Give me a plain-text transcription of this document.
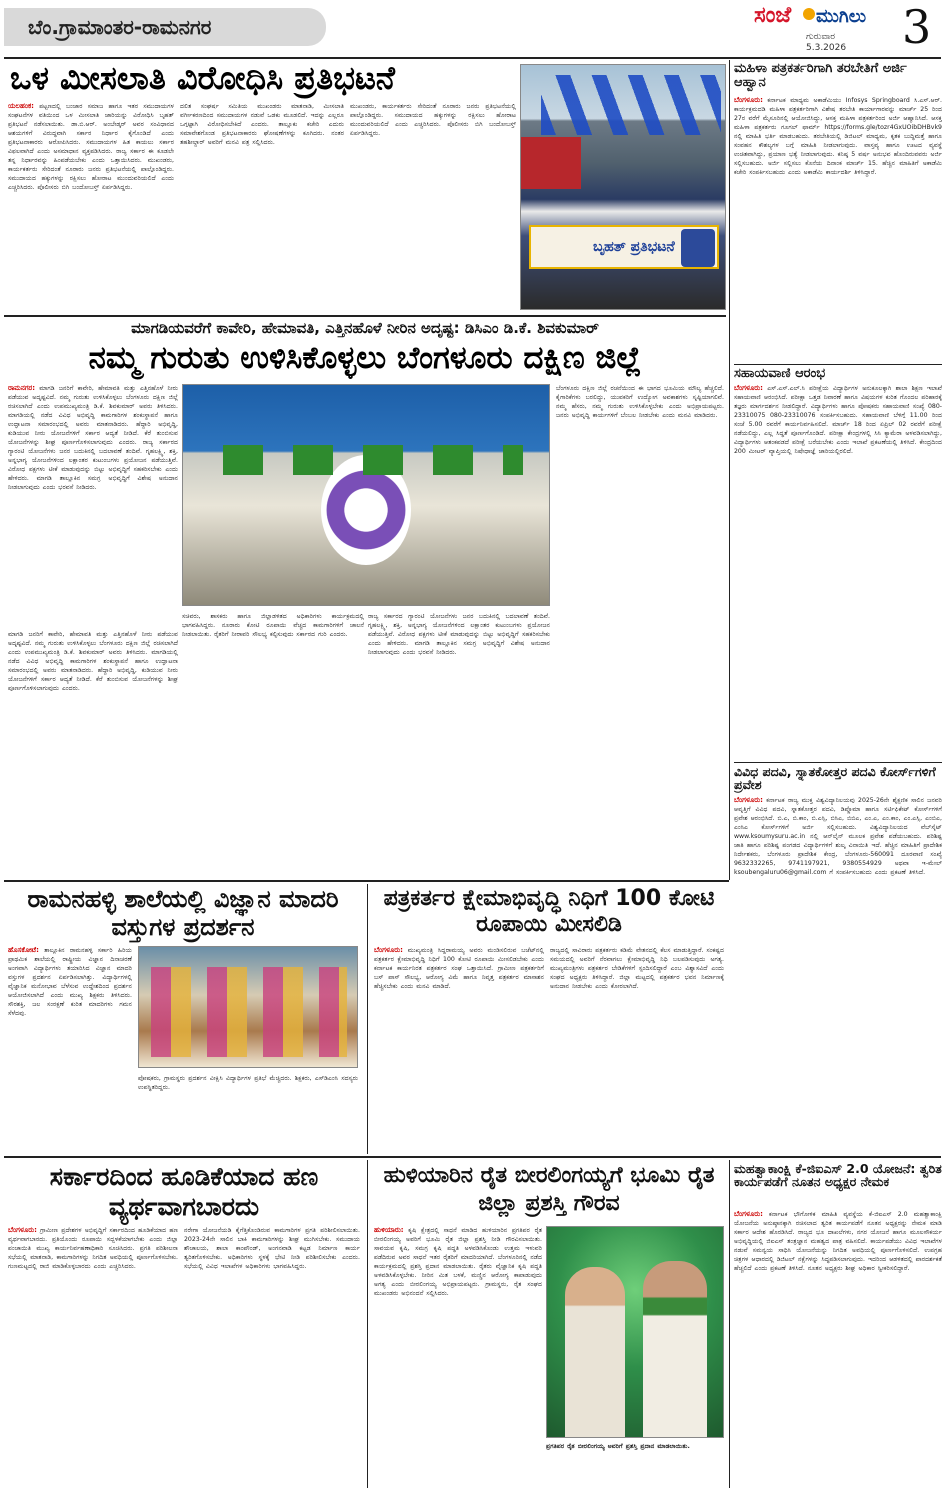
ಬೆಂ.ಗ್ರಾಮಾಂತರ-ರಾಮನಗರ	ಸಂಜೆ ಮುಗಿಲು
ಗುರುವಾರ
5.3.2026 3
ಒಳ ಮೀಸಲಾತಿ ವಿರೋಧಿಸಿ ಪ್ರತಿಭಟನೆ
ಯಲಹಂಕ: ಪಟ್ಟಣದಲ್ಲಿ ಬಂಜಾರ ಸಮಾಜ ಹಾಗೂ ಇತರ ಸಮುದಾಯಗಳ ಸಂಘಟನೆಗಳ ವತಿಯಿಂದ ಒಳ ಮೀಸಲಾತಿ ಜಾರಿಯನ್ನು ವಿರೋಧಿಸಿ ಬೃಹತ್ ಪ್ರತಿಭಟನೆ ನಡೆಸಲಾಯಿತು. ಡಾ.ಬಿ.ಆರ್. ಅಂಬೇಡ್ಕರ್ ಅವರ ಸಂವಿಧಾನದ ಆಶಯಗಳಿಗೆ ವಿರುದ್ಧವಾಗಿ ಸರ್ಕಾರ ನಿರ್ಧಾರ ಕೈಗೊಂಡಿದೆ ಎಂದು ಪ್ರತಿಭಟನಾಕಾರರು ಆರೋಪಿಸಿದರು. ಸಮುದಾಯಗಳ ಹಿತ ಕಾಯಲು ಸರ್ಕಾರ ವಿಫಲವಾಗಿದೆ ಎಂದು ಅಸಮಾಧಾನ ವ್ಯಕ್ತಪಡಿಸಿದರು. ರಾಜ್ಯ ಸರ್ಕಾರ ಈ ಕೂಡಲೇ ತನ್ನ ನಿರ್ಧಾರವನ್ನು ಹಿಂಪಡೆಯಬೇಕು ಎಂದು ಒತ್ತಾಯಿಸಿದರು. ಮುಖಂಡರು, ಕಾರ್ಯಕರ್ತರು ಸೇರಿದಂತೆ ನೂರಾರು ಜನರು ಪ್ರತಿಭಟನೆಯಲ್ಲಿ ಪಾಲ್ಗೊಂಡಿದ್ದರು. ಸಮುದಾಯದ ಹಕ್ಕುಗಳನ್ನು ರಕ್ಷಿಸಲು ಹೋರಾಟ ಮುಂದುವರಿಯಲಿದೆ ಎಂದು ಎಚ್ಚರಿಸಿದರು. ಪೊಲೀಸರು ಬಿಗಿ ಬಂದೋಬಸ್ತ್ ಏರ್ಪಡಿಸಿದ್ದರು.
ದಲಿತ ಸಂಘರ್ಷ ಸಮಿತಿಯ ಮುಖಂಡರು ಮಾತನಾಡಿ, ಮೀಸಲಾತಿ ವರ್ಗೀಕರಣದಿಂದ ಸಮುದಾಯಗಳ ನಡುವೆ ಒಡಕು ಮೂಡಲಿದೆ. ಇದನ್ನು ಎಲ್ಲರೂ ಒಗ್ಗಟ್ಟಾಗಿ ವಿರೋಧಿಸಬೇಕಿದೆ ಎಂದರು. ತಾಲ್ಲೂಕು ಕಚೇರಿ ಎದುರು ಸಮಾವೇಶಗೊಂಡ ಪ್ರತಿಭಟನಾಕಾರರು ಘೋಷಣೆಗಳನ್ನು ಕೂಗಿದರು. ನಂತರ ತಹಶೀಲ್ದಾರ್ ಅವರಿಗೆ ಮನವಿ ಪತ್ರ ಸಲ್ಲಿಸಿದರು.
ಮುಖಂಡರು, ಕಾರ್ಯಕರ್ತರು ಸೇರಿದಂತೆ ನೂರಾರು ಜನರು ಪ್ರತಿಭಟನೆಯಲ್ಲಿ ಪಾಲ್ಗೊಂಡಿದ್ದರು. ಸಮುದಾಯದ ಹಕ್ಕುಗಳನ್ನು ರಕ್ಷಿಸಲು ಹೋರಾಟ ಮುಂದುವರಿಯಲಿದೆ ಎಂದು ಎಚ್ಚರಿಸಿದರು. ಪೊಲೀಸರು ಬಿಗಿ ಬಂದೋಬಸ್ತ್ ಏರ್ಪಡಿಸಿದ್ದರು.
ಬೃಹತ್ ಪ್ರತಿಭಟನೆ
ಮಾಗಡಿಯವರೆಗೆ ಕಾವೇರಿ, ಹೇಮಾವತಿ, ಎತ್ತಿನಹೊಳೆ ನೀರಿನ ಅದೃಷ್ಟ: ಡಿಸಿಎಂ ಡಿ.ಕೆ. ಶಿವಕುಮಾರ್
ನಮ್ಮ ಗುರುತು ಉಳಿಸಿಕೊಳ್ಳಲು ಬೆಂಗಳೂರು ದಕ್ಷಿಣ ಜಿಲ್ಲೆ
ರಾಮನಗರ: ಮಾಗಡಿ ಜನರಿಗೆ ಕಾವೇರಿ, ಹೇಮಾವತಿ ಮತ್ತು ಎತ್ತಿನಹೊಳೆ ನೀರು ಪಡೆಯುವ ಅದೃಷ್ಟವಿದೆ. ನಮ್ಮ ಗುರುತು ಉಳಿಸಿಕೊಳ್ಳಲು ಬೆಂಗಳೂರು ದಕ್ಷಿಣ ಜಿಲ್ಲೆ ರಚಿಸಲಾಗಿದೆ ಎಂದು ಉಪಮುಖ್ಯಮಂತ್ರಿ ಡಿ.ಕೆ. ಶಿವಕುಮಾರ್ ಅವರು ತಿಳಿಸಿದರು. ಮಾಗಡಿಯಲ್ಲಿ ನಡೆದ ವಿವಿಧ ಅಭಿವೃದ್ಧಿ ಕಾಮಗಾರಿಗಳ ಶಂಕುಸ್ಥಾಪನೆ ಹಾಗೂ ಉದ್ಘಾಟನಾ ಸಮಾರಂಭದಲ್ಲಿ ಅವರು ಮಾತನಾಡಿದರು. ಹೆದ್ದಾರಿ ಅಭಿವೃದ್ಧಿ, ಕುಡಿಯುವ ನೀರು ಯೋಜನೆಗಳಿಗೆ ಸರ್ಕಾರ ಆದ್ಯತೆ ನೀಡಿದೆ. ಕೆರೆ ತುಂಬಿಸುವ ಯೋಜನೆಗಳನ್ನು ಶೀಘ್ರ ಪೂರ್ಣಗೊಳಿಸಲಾಗುವುದು ಎಂದರು. ರಾಜ್ಯ ಸರ್ಕಾರದ ಗ್ಯಾರಂಟಿ ಯೋಜನೆಗಳು ಜನರ ಬದುಕಿನಲ್ಲಿ ಬದಲಾವಣೆ ತಂದಿವೆ. ಗೃಹಲಕ್ಷ್ಮಿ, ಶಕ್ತಿ, ಅನ್ನಭಾಗ್ಯ ಯೋಜನೆಗಳಿಂದ ಲಕ್ಷಾಂತರ ಕುಟುಂಬಗಳು ಪ್ರಯೋಜನ ಪಡೆಯುತ್ತಿವೆ. ವಿರೋಧ ಪಕ್ಷಗಳು ಟೀಕೆ ಮಾಡುವುದನ್ನು ಬಿಟ್ಟು ಅಭಿವೃದ್ಧಿಗೆ ಸಹಕರಿಸಬೇಕು ಎಂದು ಹೇಳಿದರು. ಮಾಗಡಿ ತಾಲ್ಲೂಕಿನ ಸಮಗ್ರ ಅಭಿವೃದ್ಧಿಗೆ ವಿಶೇಷ ಅನುದಾನ ನೀಡಲಾಗುವುದು ಎಂದು ಭರವಸೆ ನೀಡಿದರು.
ಸಚಿವರು, ಶಾಸಕರು ಹಾಗೂ ಜಿಲ್ಲಾಡಳಿತದ ಅಧಿಕಾರಿಗಳು ಕಾರ್ಯಕ್ರಮದಲ್ಲಿ ಭಾಗವಹಿಸಿದ್ದರು. ನೂರಾರು ಕೋಟಿ ರೂಪಾಯಿ ವೆಚ್ಚದ ಕಾಮಗಾರಿಗಳಿಗೆ ಚಾಲನೆ ನೀಡಲಾಯಿತು. ರೈತರಿಗೆ ನೀರಾವರಿ ಸೌಲಭ್ಯ ಕಲ್ಪಿಸುವುದು ಸರ್ಕಾರದ ಗುರಿ ಎಂದರು.
ರಾಜ್ಯ ಸರ್ಕಾರದ ಗ್ಯಾರಂಟಿ ಯೋಜನೆಗಳು ಜನರ ಬದುಕಿನಲ್ಲಿ ಬದಲಾವಣೆ ತಂದಿವೆ. ಗೃಹಲಕ್ಷ್ಮಿ, ಶಕ್ತಿ, ಅನ್ನಭಾಗ್ಯ ಯೋಜನೆಗಳಿಂದ ಲಕ್ಷಾಂತರ ಕುಟುಂಬಗಳು ಪ್ರಯೋಜನ ಪಡೆಯುತ್ತಿವೆ. ವಿರೋಧ ಪಕ್ಷಗಳು ಟೀಕೆ ಮಾಡುವುದನ್ನು ಬಿಟ್ಟು ಅಭಿವೃದ್ಧಿಗೆ ಸಹಕರಿಸಬೇಕು ಎಂದು ಹೇಳಿದರು. ಮಾಗಡಿ ತಾಲ್ಲೂಕಿನ ಸಮಗ್ರ ಅಭಿವೃದ್ಧಿಗೆ ವಿಶೇಷ ಅನುದಾನ ನೀಡಲಾಗುವುದು ಎಂದು ಭರವಸೆ ನೀಡಿದರು.
ಬೆಂಗಳೂರು ದಕ್ಷಿಣ ಜಿಲ್ಲೆ ರಚನೆಯಿಂದ ಈ ಭಾಗದ ಭೂಮಿಯ ಮೌಲ್ಯ ಹೆಚ್ಚಲಿದೆ. ಕೈಗಾರಿಕೆಗಳು ಬರಲಿದ್ದು, ಯುವಕರಿಗೆ ಉದ್ಯೋಗ ಅವಕಾಶಗಳು ಸೃಷ್ಟಿಯಾಗಲಿವೆ. ನಮ್ಮ ಹೆಸರು, ನಮ್ಮ ಗುರುತು ಉಳಿಸಿಕೊಳ್ಳಬೇಕು ಎಂದು ಅಭಿಪ್ರಾಯಪಟ್ಟರು. ಜನರು ಅಭಿವೃದ್ಧಿ ಕಾರ್ಯಗಳಿಗೆ ಬೆಂಬಲ ನೀಡಬೇಕು ಎಂದು ಮನವಿ ಮಾಡಿದರು.
ಮಾಗಡಿ ಜನರಿಗೆ ಕಾವೇರಿ, ಹೇಮಾವತಿ ಮತ್ತು ಎತ್ತಿನಹೊಳೆ ನೀರು ಪಡೆಯುವ ಅದೃಷ್ಟವಿದೆ. ನಮ್ಮ ಗುರುತು ಉಳಿಸಿಕೊಳ್ಳಲು ಬೆಂಗಳೂರು ದಕ್ಷಿಣ ಜಿಲ್ಲೆ ರಚಿಸಲಾಗಿದೆ ಎಂದು ಉಪಮುಖ್ಯಮಂತ್ರಿ ಡಿ.ಕೆ. ಶಿವಕುಮಾರ್ ಅವರು ತಿಳಿಸಿದರು. ಮಾಗಡಿಯಲ್ಲಿ ನಡೆದ ವಿವಿಧ ಅಭಿವೃದ್ಧಿ ಕಾಮಗಾರಿಗಳ ಶಂಕುಸ್ಥಾಪನೆ ಹಾಗೂ ಉದ್ಘಾಟನಾ ಸಮಾರಂಭದಲ್ಲಿ ಅವರು ಮಾತನಾಡಿದರು. ಹೆದ್ದಾರಿ ಅಭಿವೃದ್ಧಿ, ಕುಡಿಯುವ ನೀರು ಯೋಜನೆಗಳಿಗೆ ಸರ್ಕಾರ ಆದ್ಯತೆ ನೀಡಿದೆ. ಕೆರೆ ತುಂಬಿಸುವ ಯೋಜನೆಗಳನ್ನು ಶೀಘ್ರ ಪೂರ್ಣಗೊಳಿಸಲಾಗುವುದು ಎಂದರು.
ಮಹಿಳಾ ಪತ್ರಕರ್ತರಿಗಾಗಿ ತರಬೇತಿಗೆ ಅರ್ಜಿ ಆಹ್ವಾನ
ಬೆಂಗಳೂರು: ಕರ್ನಾಟಕ ಮಾಧ್ಯಮ ಅಕಾಡೆಮಿಯು Infosys Springboard ಸಿ.ಎಸ್.ಆರ್. ಕಾರ್ಯಕ್ರಮದಡಿ ಮಹಿಳಾ ಪತ್ರಕರ್ತರಿಗಾಗಿ ವಿಶೇಷ ತರಬೇತಿ ಕಾರ್ಯಾಗಾರವನ್ನು ಮಾರ್ಚ್ 25 ರಿಂದ 27ರ ವರೆಗೆ ಮೈಸೂರಿನಲ್ಲಿ ಆಯೋಜಿಸಿದ್ದು, ಆಸಕ್ತ ಮಹಿಳಾ ಪತ್ರಕರ್ತರಿಂದ ಅರ್ಜಿ ಆಹ್ವಾನಿಸಿದೆ. ಆಸಕ್ತ ಮಹಿಳಾ ಪತ್ರಕರ್ತರು ಗೂಗಲ್ ಫಾರ್ಮ್ https://forms.gle/tozr4GxUOibDHBvk9 ನಲ್ಲಿ ಮಾಹಿತಿ ಭರ್ತಿ ಮಾಡಬಹುದು. ತರಬೇತಿಯಲ್ಲಿ ಡಿಜಿಟಲ್ ಮಾಧ್ಯಮ, ಕೃತಕ ಬುದ್ಧಿಮತ್ತೆ ಹಾಗೂ ಸಂವಹನ ಕೌಶಲ್ಯಗಳ ಬಗ್ಗೆ ಮಾಹಿತಿ ನೀಡಲಾಗುವುದು. ವಾಸ್ತವ್ಯ ಹಾಗೂ ಊಟದ ವ್ಯವಸ್ಥೆ ಉಚಿತವಾಗಿದ್ದು, ಪ್ರಯಾಣ ಭತ್ಯೆ ನೀಡಲಾಗುವುದು. ಕನಿಷ್ಠ 5 ವರ್ಷ ಅನುಭವ ಹೊಂದಿರುವವರು ಅರ್ಜಿ ಸಲ್ಲಿಸಬಹುದು. ಅರ್ಜಿ ಸಲ್ಲಿಸಲು ಕೊನೆಯ ದಿನಾಂಕ ಮಾರ್ಚ್ 15. ಹೆಚ್ಚಿನ ಮಾಹಿತಿಗೆ ಅಕಾಡೆಮಿ ಕಚೇರಿ ಸಂಪರ್ಕಿಸಬಹುದು ಎಂದು ಅಕಾಡೆಮಿ ಕಾರ್ಯದರ್ಶಿ ತಿಳಿಸಿದ್ದಾರೆ.
ಸಹಾಯವಾಣಿ ಆರಂಭ
ಬೆಂಗಳೂರು: ಎಸ್.ಎಸ್.ಎಲ್.ಸಿ ಪರೀಕ್ಷೆಯ ವಿದ್ಯಾರ್ಥಿಗಳ ಅನುಕೂಲಕ್ಕಾಗಿ ಶಾಲಾ ಶಿಕ್ಷಣ ಇಲಾಖೆ ಸಹಾಯವಾಣಿ ಆರಂಭಿಸಿದೆ. ಪರೀಕ್ಷಾ ಒತ್ತಡ ನಿವಾರಣೆ ಹಾಗೂ ವಿಷಯಗಳ ಕುರಿತ ಗೊಂದಲ ಪರಿಹಾರಕ್ಕೆ ತಜ್ಞರು ಮಾರ್ಗದರ್ಶನ ನೀಡಲಿದ್ದಾರೆ. ವಿದ್ಯಾರ್ಥಿಗಳು ಹಾಗೂ ಪೋಷಕರು ಸಹಾಯವಾಣಿ ಸಂಖ್ಯೆ 080-23310075 080-23310076 ಸಂಪರ್ಕಿಸಬಹುದು. ಸಹಾಯವಾಣಿ ಬೆಳಿಗ್ಗೆ 11.00 ರಿಂದ ಸಂಜೆ 5.00 ರವರೆಗೆ ಕಾರ್ಯನಿರ್ವಹಿಸಲಿದೆ. ಮಾರ್ಚ್ 18 ರಿಂದ ಏಪ್ರಿಲ್ 02 ರವರೆಗೆ ಪರೀಕ್ಷೆ ನಡೆಯಲಿದ್ದು, ಎಲ್ಲ ಸಿದ್ಧತೆ ಪೂರ್ಣಗೊಂಡಿದೆ. ಪರೀಕ್ಷಾ ಕೇಂದ್ರಗಳಲ್ಲಿ ಸಿಸಿ ಕ್ಯಾಮೆರಾ ಅಳವಡಿಸಲಾಗಿದ್ದು, ವಿದ್ಯಾರ್ಥಿಗಳು ಆತಂಕಪಡದೆ ಪರೀಕ್ಷೆ ಬರೆಯಬೇಕು ಎಂದು ಇಲಾಖೆ ಪ್ರಕಟಣೆಯಲ್ಲಿ ತಿಳಿಸಿದೆ. ಕೇಂದ್ರದಿಂದ 200 ಮೀಟರ್ ವ್ಯಾಪ್ತಿಯಲ್ಲಿ ನಿಷೇಧಾಜ್ಞೆ ಜಾರಿಯಲ್ಲಿರಲಿದೆ.
ವಿವಿಧ ಪದವಿ, ಸ್ನಾತಕೋತ್ತರ ಪದವಿ ಕೋರ್ಸ್‌ಗಳಿಗೆ ಪ್ರವೇಶ
ಬೆಂಗಳೂರು: ಕರ್ನಾಟಕ ರಾಜ್ಯ ಮುಕ್ತ ವಿಶ್ವವಿದ್ಯಾನಿಲಯವು 2025-26ನೇ ಶೈಕ್ಷಣಿಕ ಸಾಲಿನ ಜನವರಿ ಆವೃತ್ತಿಗೆ ವಿವಿಧ ಪದವಿ, ಸ್ನಾತಕೋತ್ತರ ಪದವಿ, ಡಿಪ್ಲೊಮಾ ಹಾಗೂ ಸರ್ಟಿಫಿಕೇಟ್ ಕೋರ್ಸ್‌ಗಳಿಗೆ ಪ್ರವೇಶ ಆರಂಭಿಸಿದೆ. ಬಿ.ಎ, ಬಿ.ಕಾಂ, ಬಿ.ಎಸ್ಸಿ, ಬಿಸಿಎ, ಬಿಬಿಎ, ಎಂ.ಎ, ಎಂ.ಕಾಂ, ಎಂ.ಎಸ್ಸಿ, ಎಂಬಿಎ, ಎಂಸಿಎ ಕೋರ್ಸ್‌ಗಳಿಗೆ ಅರ್ಜಿ ಸಲ್ಲಿಸಬಹುದು. ವಿಶ್ವವಿದ್ಯಾನಿಲಯದ ವೆಬ್‌ಸೈಟ್ www.ksoumysuru.ac.in ನಲ್ಲಿ ಆನ್‌ಲೈನ್ ಮೂಲಕ ಪ್ರವೇಶ ಪಡೆಯಬಹುದು. ಪರಿಶಿಷ್ಟ ಜಾತಿ ಹಾಗೂ ಪರಿಶಿಷ್ಟ ಪಂಗಡದ ವಿದ್ಯಾರ್ಥಿಗಳಿಗೆ ಶುಲ್ಕ ವಿನಾಯಿತಿ ಇದೆ. ಹೆಚ್ಚಿನ ಮಾಹಿತಿಗೆ ಪ್ರಾದೇಶಿಕ ನಿರ್ದೇಶಕರು, ಬೆಂಗಳೂರು ಪ್ರಾದೇಶಿಕ ಕೇಂದ್ರ, ಬೆಂಗಳೂರು-560091 ದೂರವಾಣಿ ಸಂಖ್ಯೆ 9632332265, 9741197921, 9380554929 ಅಥವಾ ಇ-ಮೇಲ್ ksoubengaluru06@gmail.com ಗೆ ಸಂಪರ್ಕಿಸಬಹುದು ಎಂದು ಪ್ರಕಟಣೆ ತಿಳಿಸಿದೆ.
ರಾಮನಹಳ್ಳಿ ಶಾಲೆಯಲ್ಲಿ ವಿಜ್ಞಾನ ಮಾದರಿ ವಸ್ತುಗಳ ಪ್ರದರ್ಶನ
ಹೊಸಕೋಟೆ: ತಾಲ್ಲೂಕಿನ ರಾಮನಹಳ್ಳಿ ಸರ್ಕಾರಿ ಹಿರಿಯ ಪ್ರಾಥಮಿಕ ಶಾಲೆಯಲ್ಲಿ ರಾಷ್ಟ್ರೀಯ ವಿಜ್ಞಾನ ದಿನಾಚರಣೆ ಅಂಗವಾಗಿ ವಿದ್ಯಾರ್ಥಿಗಳು ತಯಾರಿಸಿದ ವಿಜ್ಞಾನ ಮಾದರಿ ವಸ್ತುಗಳ ಪ್ರದರ್ಶನ ಏರ್ಪಡಿಸಲಾಗಿತ್ತು. ವಿದ್ಯಾರ್ಥಿಗಳಲ್ಲಿ ವೈಜ್ಞಾನಿಕ ಮನೋಭಾವ ಬೆಳೆಸುವ ಉದ್ದೇಶದಿಂದ ಪ್ರದರ್ಶನ ಆಯೋಜಿಸಲಾಗಿದೆ ಎಂದು ಮುಖ್ಯ ಶಿಕ್ಷಕರು ತಿಳಿಸಿದರು. ಸೌರಶಕ್ತಿ, ಜಲ ಸಂರಕ್ಷಣೆ ಕುರಿತ ಮಾದರಿಗಳು ಗಮನ ಸೆಳೆದವು.
ಪೋಷಕರು, ಗ್ರಾಮಸ್ಥರು ಪ್ರದರ್ಶನ ವೀಕ್ಷಿಸಿ ವಿದ್ಯಾರ್ಥಿಗಳ ಪ್ರತಿಭೆ ಮೆಚ್ಚಿದರು. ಶಿಕ್ಷಕರು, ಎಸ್‌ಡಿಎಂಸಿ ಸದಸ್ಯರು ಉಪಸ್ಥಿತರಿದ್ದರು.
ಪತ್ರಕರ್ತರ ಕ್ಷೇಮಾಭಿವೃದ್ಧಿ ನಿಧಿಗೆ 100 ಕೋಟಿ ರೂಪಾಯಿ ಮೀಸಲಿಡಿ
ಬೆಂಗಳೂರು: ಮುಖ್ಯಮಂತ್ರಿ ಸಿದ್ದರಾಮಯ್ಯ ಅವರು ಮಂಡಿಸಲಿರುವ ಬಜೆಟ್‌ನಲ್ಲಿ ಪತ್ರಕರ್ತರ ಕ್ಷೇಮಾಭಿವೃದ್ಧಿ ನಿಧಿಗೆ 100 ಕೋಟಿ ರೂಪಾಯಿ ಮೀಸಲಿಡಬೇಕು ಎಂದು ಕರ್ನಾಟಕ ಕಾರ್ಯನಿರತ ಪತ್ರಕರ್ತರ ಸಂಘ ಒತ್ತಾಯಿಸಿದೆ. ಗ್ರಾಮೀಣ ಪತ್ರಕರ್ತರಿಗೆ ಬಸ್ ಪಾಸ್ ಸೌಲಭ್ಯ, ಆರೋಗ್ಯ ವಿಮೆ ಹಾಗೂ ನಿವೃತ್ತ ಪತ್ರಕರ್ತರ ಮಾಸಾಶನ ಹೆಚ್ಚಿಸಬೇಕು ಎಂದು ಮನವಿ ಮಾಡಿದೆ.
ರಾಜ್ಯದಲ್ಲಿ ಸಾವಿರಾರು ಪತ್ರಕರ್ತರು ಕಡಿಮೆ ವೇತನದಲ್ಲಿ ಕೆಲಸ ಮಾಡುತ್ತಿದ್ದಾರೆ. ಸಂಕಷ್ಟದ ಸಮಯದಲ್ಲಿ ಅವರಿಗೆ ನೆರವಾಗಲು ಕ್ಷೇಮಾಭಿವೃದ್ಧಿ ನಿಧಿ ಬಲಪಡಿಸುವುದು ಅಗತ್ಯ. ಮುಖ್ಯಮಂತ್ರಿಗಳು ಪತ್ರಕರ್ತರ ಬೇಡಿಕೆಗಳಿಗೆ ಸ್ಪಂದಿಸಲಿದ್ದಾರೆ ಎಂಬ ವಿಶ್ವಾಸವಿದೆ ಎಂದು ಸಂಘದ ಅಧ್ಯಕ್ಷರು ತಿಳಿಸಿದ್ದಾರೆ. ಜಿಲ್ಲಾ ಮಟ್ಟದಲ್ಲಿ ಪತ್ರಕರ್ತರ ಭವನ ನಿರ್ಮಾಣಕ್ಕೆ ಅನುದಾನ ನೀಡಬೇಕು ಎಂದು ಕೋರಲಾಗಿದೆ.
ಸರ್ಕಾರದಿಂದ ಹೂಡಿಕೆಯಾದ ಹಣ ವ್ಯರ್ಥವಾಗಬಾರದು
ಬೆಂಗಳೂರು: ಗ್ರಾಮೀಣ ಪ್ರದೇಶಗಳ ಅಭಿವೃದ್ಧಿಗೆ ಸರ್ಕಾರದಿಂದ ಹೂಡಿಕೆಯಾದ ಹಣ ವ್ಯರ್ಥವಾಗಬಾರದು. ಪ್ರತಿಯೊಂದು ರೂಪಾಯಿ ಸದ್ಬಳಕೆಯಾಗಬೇಕು ಎಂದು ಜಿಲ್ಲಾ ಪಂಚಾಯಿತಿ ಮುಖ್ಯ ಕಾರ್ಯನಿರ್ವಹಣಾಧಿಕಾರಿ ಸೂಚಿಸಿದರು. ಪ್ರಗತಿ ಪರಿಶೀಲನಾ ಸಭೆಯಲ್ಲಿ ಮಾತನಾಡಿ, ಕಾಮಗಾರಿಗಳನ್ನು ನಿಗದಿತ ಅವಧಿಯಲ್ಲಿ ಪೂರ್ಣಗೊಳಿಸಬೇಕು. ಗುಣಮಟ್ಟದಲ್ಲಿ ರಾಜಿ ಮಾಡಿಕೊಳ್ಳಬಾರದು ಎಂದು ಎಚ್ಚರಿಸಿದರು.
ನರೇಗಾ ಯೋಜನೆಯಡಿ ಕೈಗೆತ್ತಿಕೊಂಡಿರುವ ಕಾಮಗಾರಿಗಳ ಪ್ರಗತಿ ಪರಿಶೀಲಿಸಲಾಯಿತು. 2023-24ನೇ ಸಾಲಿನ ಬಾಕಿ ಕಾಮಗಾರಿಗಳನ್ನು ಶೀಘ್ರ ಮುಗಿಸಬೇಕು. ಸಮುದಾಯ ಶೌಚಾಲಯ, ಶಾಲಾ ಕಾಂಪೌಂಡ್, ಅಂಗನವಾಡಿ ಕಟ್ಟಡ ನಿರ್ಮಾಣ ಕಾರ್ಯ ತ್ವರಿತಗೊಳಿಸಬೇಕು. ಅಧಿಕಾರಿಗಳು ಸ್ಥಳಕ್ಕೆ ಭೇಟಿ ನೀಡಿ ಪರಿಶೀಲಿಸಬೇಕು ಎಂದರು. ಸಭೆಯಲ್ಲಿ ವಿವಿಧ ಇಲಾಖೆಗಳ ಅಧಿಕಾರಿಗಳು ಭಾಗವಹಿಸಿದ್ದರು.
ಹುಳಿಯಾರಿನ ರೈತ ಬೀರಲಿಂಗಯ್ಯಗೆ ಭೂಮಿ ರೈತ ಜಿಲ್ಲಾ ಪ್ರಶಸ್ತಿ ಗೌರವ
ಹುಳಿಯಾರು: ಕೃಷಿ ಕ್ಷೇತ್ರದಲ್ಲಿ ಸಾಧನೆ ಮಾಡಿದ ಹುಳಿಯಾರಿನ ಪ್ರಗತಿಪರ ರೈತ ಬೀರಲಿಂಗಯ್ಯ ಅವರಿಗೆ ಭೂಮಿ ರೈತ ಜಿಲ್ಲಾ ಪ್ರಶಸ್ತಿ ನೀಡಿ ಗೌರವಿಸಲಾಯಿತು. ಸಾವಯವ ಕೃಷಿ, ಸಮಗ್ರ ಕೃಷಿ ಪದ್ಧತಿ ಅಳವಡಿಸಿಕೊಂಡು ಉತ್ತಮ ಇಳುವರಿ ಪಡೆದಿರುವ ಅವರ ಸಾಧನೆ ಇತರ ರೈತರಿಗೆ ಮಾದರಿಯಾಗಿದೆ. ಬೆಂಗಳೂರಿನಲ್ಲಿ ನಡೆದ ಕಾರ್ಯಕ್ರಮದಲ್ಲಿ ಪ್ರಶಸ್ತಿ ಪ್ರದಾನ ಮಾಡಲಾಯಿತು. ರೈತರು ವೈಜ್ಞಾನಿಕ ಕೃಷಿ ಪದ್ಧತಿ ಅಳವಡಿಸಿಕೊಳ್ಳಬೇಕು. ನೀರಿನ ಮಿತ ಬಳಕೆ, ಮಣ್ಣಿನ ಆರೋಗ್ಯ ಕಾಪಾಡುವುದು ಅಗತ್ಯ ಎಂದು ಬೀರಲಿಂಗಯ್ಯ ಅಭಿಪ್ರಾಯಪಟ್ಟರು. ಗ್ರಾಮಸ್ಥರು, ರೈತ ಸಂಘದ ಮುಖಂಡರು ಅಭಿನಂದನೆ ಸಲ್ಲಿಸಿದರು.
ಪ್ರಗತಿಪರ ರೈತ ಬೀರಲಿಂಗಯ್ಯ ಅವರಿಗೆ ಪ್ರಶಸ್ತಿ ಪ್ರದಾನ ಮಾಡಲಾಯಿತು.
ಮಹತ್ವಾಕಾಂಕ್ಷಿ ಕೆ-ಜಿಐಎಸ್ 2.0 ಯೋಜನೆ: ತ್ವರಿತ ಕಾರ್ಯಪಡೆಗೆ ನೂತನ ಅಧ್ಯಕ್ಷರ ನೇಮಕ
ಬೆಂಗಳೂರು: ಕರ್ನಾಟಕ ಭೌಗೋಳಿಕ ಮಾಹಿತಿ ವ್ಯವಸ್ಥೆಯ ಕೆ-ಜಿಐಎಸ್ 2.0 ಮಹತ್ವಾಕಾಂಕ್ಷಿ ಯೋಜನೆಯ ಅನುಷ್ಠಾನಕ್ಕಾಗಿ ರಚಿಸಲಾದ ತ್ವರಿತ ಕಾರ್ಯಪಡೆಗೆ ನೂತನ ಅಧ್ಯಕ್ಷರನ್ನು ನೇಮಕ ಮಾಡಿ ಸರ್ಕಾರ ಆದೇಶ ಹೊರಡಿಸಿದೆ. ರಾಜ್ಯದ ಭೂ ದಾಖಲೆಗಳು, ನಗರ ಯೋಜನೆ ಹಾಗೂ ಮೂಲಸೌಕರ್ಯ ಅಭಿವೃದ್ಧಿಯಲ್ಲಿ ಜಿಐಎಸ್ ತಂತ್ರಜ್ಞಾನ ಮಹತ್ವದ ಪಾತ್ರ ವಹಿಸಲಿದೆ. ಕಾರ್ಯಪಡೆಯು ವಿವಿಧ ಇಲಾಖೆಗಳ ನಡುವೆ ಸಮನ್ವಯ ಸಾಧಿಸಿ ಯೋಜನೆಯನ್ನು ನಿಗದಿತ ಅವಧಿಯಲ್ಲಿ ಪೂರ್ಣಗೊಳಿಸಲಿದೆ. ಉಪಗ್ರಹ ಚಿತ್ರಗಳ ಆಧಾರದಲ್ಲಿ ಡಿಜಿಟಲ್ ನಕ್ಷೆಗಳನ್ನು ಸಿದ್ಧಪಡಿಸಲಾಗುವುದು. ಇದರಿಂದ ಆಡಳಿತದಲ್ಲಿ ಪಾರದರ್ಶಕತೆ ಹೆಚ್ಚಲಿದೆ ಎಂದು ಪ್ರಕಟಣೆ ತಿಳಿಸಿದೆ. ನೂತನ ಅಧ್ಯಕ್ಷರು ಶೀಘ್ರ ಅಧಿಕಾರ ಸ್ವೀಕರಿಸಲಿದ್ದಾರೆ.
